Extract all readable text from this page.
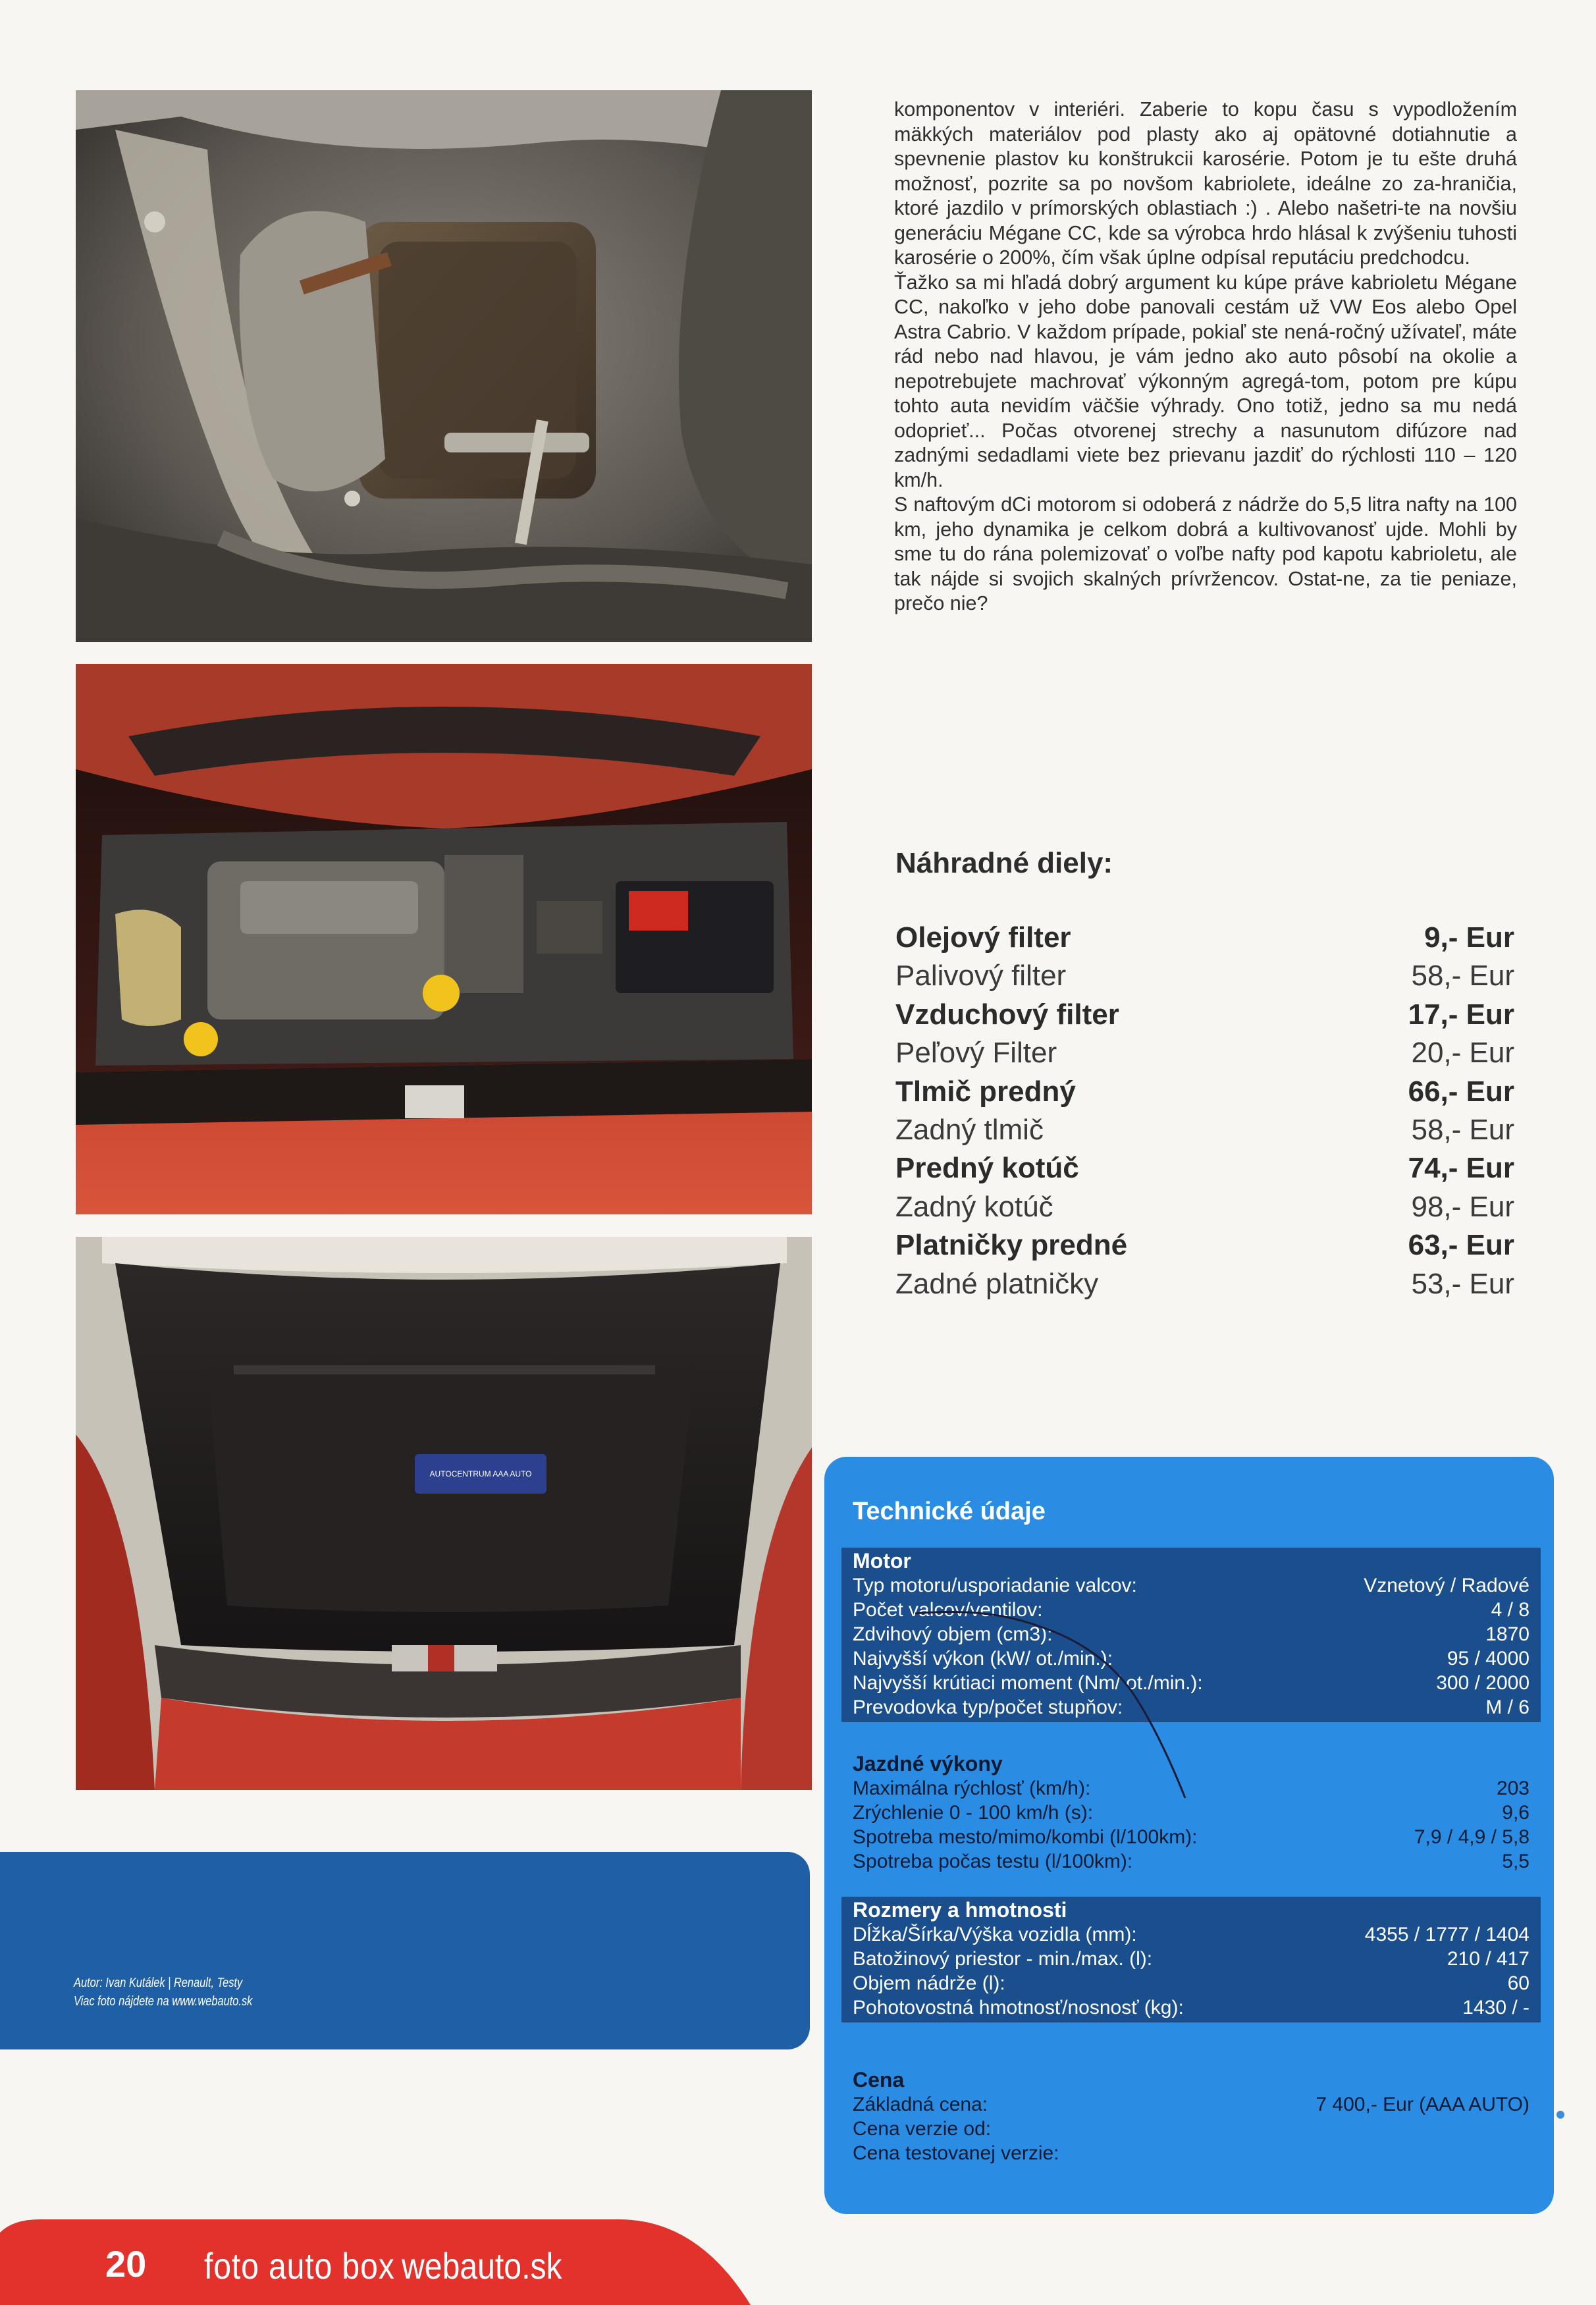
AUTOCENTRUM AAA AUTO
Autor: Ivan Kutálek | Renault, Testy
Viac foto nájdete na www.webauto.sk

komponentov v interiéri. Zaberie to kopu času s vypodložením mäkkých materiálov pod plasty ako aj opätovné dotiahnutie a spevnenie plastov ku konštrukcii karosérie. Potom je tu ešte druhá možnosť, pozrite sa po novšom kabriolete, ideálne zo za-hraničia, ktoré jazdilo v prímorských oblastiach :) . Alebo našetri-te na novšiu generáciu Mégane CC, kde sa výrobca hrdo hlásal k zvýšeniu tuhosti karosérie o 200%, čím však úplne odpísal reputáciu predchodcu.

Ťažko sa mi hľadá dobrý argument ku kúpe práve kabrioletu Mégane CC, nakoľko v jeho dobe panovali cestám už VW Eos alebo Opel Astra Cabrio. V každom prípade, pokiaľ ste nená-ročný užívateľ, máte rád nebo nad hlavou, je vám jedno ako auto pôsobí na okolie a nepotrebujete machrovať výkonným agregá-tom, potom pre kúpu tohto auta nevidím väčšie výhrady. Ono totiž, jedno sa mu nedá odoprieť... Počas otvorenej strechy a nasunutom difúzore nad zadnými sedadlami viete bez prievanu jazdiť do rýchlosti 110 – 120 km/h.

S naftovým dCi motorom si odoberá z nádrže do 5,5 litra nafty na 100 km, jeho dynamika je celkom dobrá a kultivovanosť ujde. Mohli by sme tu do rána polemizovať o voľbe nafty pod kapotu kabrioletu, ale tak nájde si svojich skalných prívržencov. Ostat-ne, za tie peniaze, prečo nie?

Náhradné diely:
Olejový filter	9,- Eur
Palivový filter	58,- Eur
Vzduchový filter	17,- Eur
Peľový Filter	20,- Eur
Tlmič predný	66,- Eur
Zadný tlmič	58,- Eur
Predný kotúč	74,- Eur
Zadný kotúč	98,- Eur
Platničky predné	63,- Eur
Zadné platničky	53,- Eur
Technické údaje
Motor
Typ motoru/usporiadanie valcov:	Vznetový / Radové
Počet valcov/ventilov:	4 / 8
Zdvihový objem (cm3):	1870
Najvyšší výkon (kW/ ot./min.):	95 / 4000
Najvyšší krútiaci moment (Nm/ ot./min.):	300 / 2000
Prevodovka typ/počet stupňov:	M / 6
Jazdné výkony
Maximálna rýchlosť (km/h):	203
Zrýchlenie 0 - 100 km/h (s):	9,6
Spotreba mesto/mimo/kombi (l/100km):	7,9 / 4,9 / 5,8
Spotreba počas testu (l/100km):	5,5
Rozmery a hmotnosti
Dĺžka/Šírka/Výška vozidla (mm):	4355 / 1777 / 1404
Batožinový priestor - min./max. (l):	210 / 417
Objem nádrže (l):	60
Pohotovostná hmotnosť/nosnosť (kg):	1430 / -
Cena
Základná cena:	7 400,- Eur (AAA AUTO)
Cena verzie od:
Cena testovanej verzie:
20 foto auto box webauto.sk
